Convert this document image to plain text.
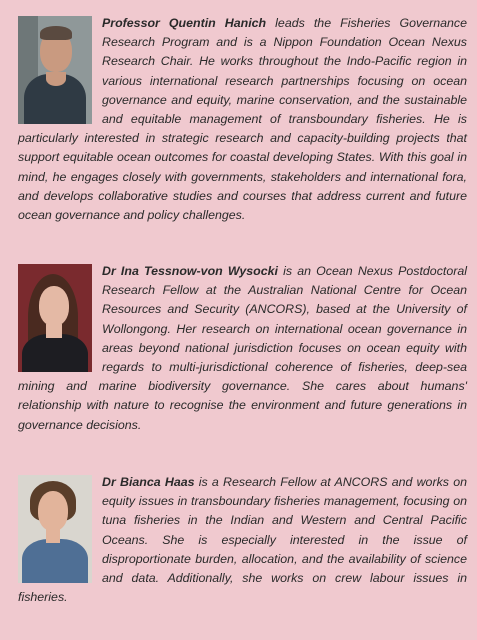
Professor Quentin Hanich leads the Fisheries Governance Research Program and is a Nippon Foundation Ocean Nexus Research Chair. He works throughout the Indo-Pacific region in various international research partnerships focusing on ocean governance and equity, marine conservation, and the sustainable and equitable management of transboundary fisheries. He is particularly interested in strategic research and capacity-building projects that support equitable ocean outcomes for coastal developing States. With this goal in mind, he engages closely with governments, stakeholders and international fora, and develops collaborative studies and courses that address current and future ocean governance and policy challenges.
Dr Ina Tessnow-von Wysocki is an Ocean Nexus Postdoctoral Research Fellow at the Australian National Centre for Ocean Resources and Security (ANCORS), based at the University of Wollongong. Her research on international ocean governance in areas beyond national jurisdiction focuses on ocean equity with regards to multi-jurisdictional coherence of fisheries, deep-sea mining and marine biodiversity governance. She cares about humans' relationship with nature to recognise the environment and future generations in governance decisions.
Dr Bianca Haas is a Research Fellow at ANCORS and works on equity issues in transboundary fisheries management, focusing on tuna fisheries in the Indian and Western and Central Pacific Oceans. She is especially interested in the issue of disproportionate burden, allocation, and the availability of science and data. Additionally, she works on crew labour issues in fisheries.
